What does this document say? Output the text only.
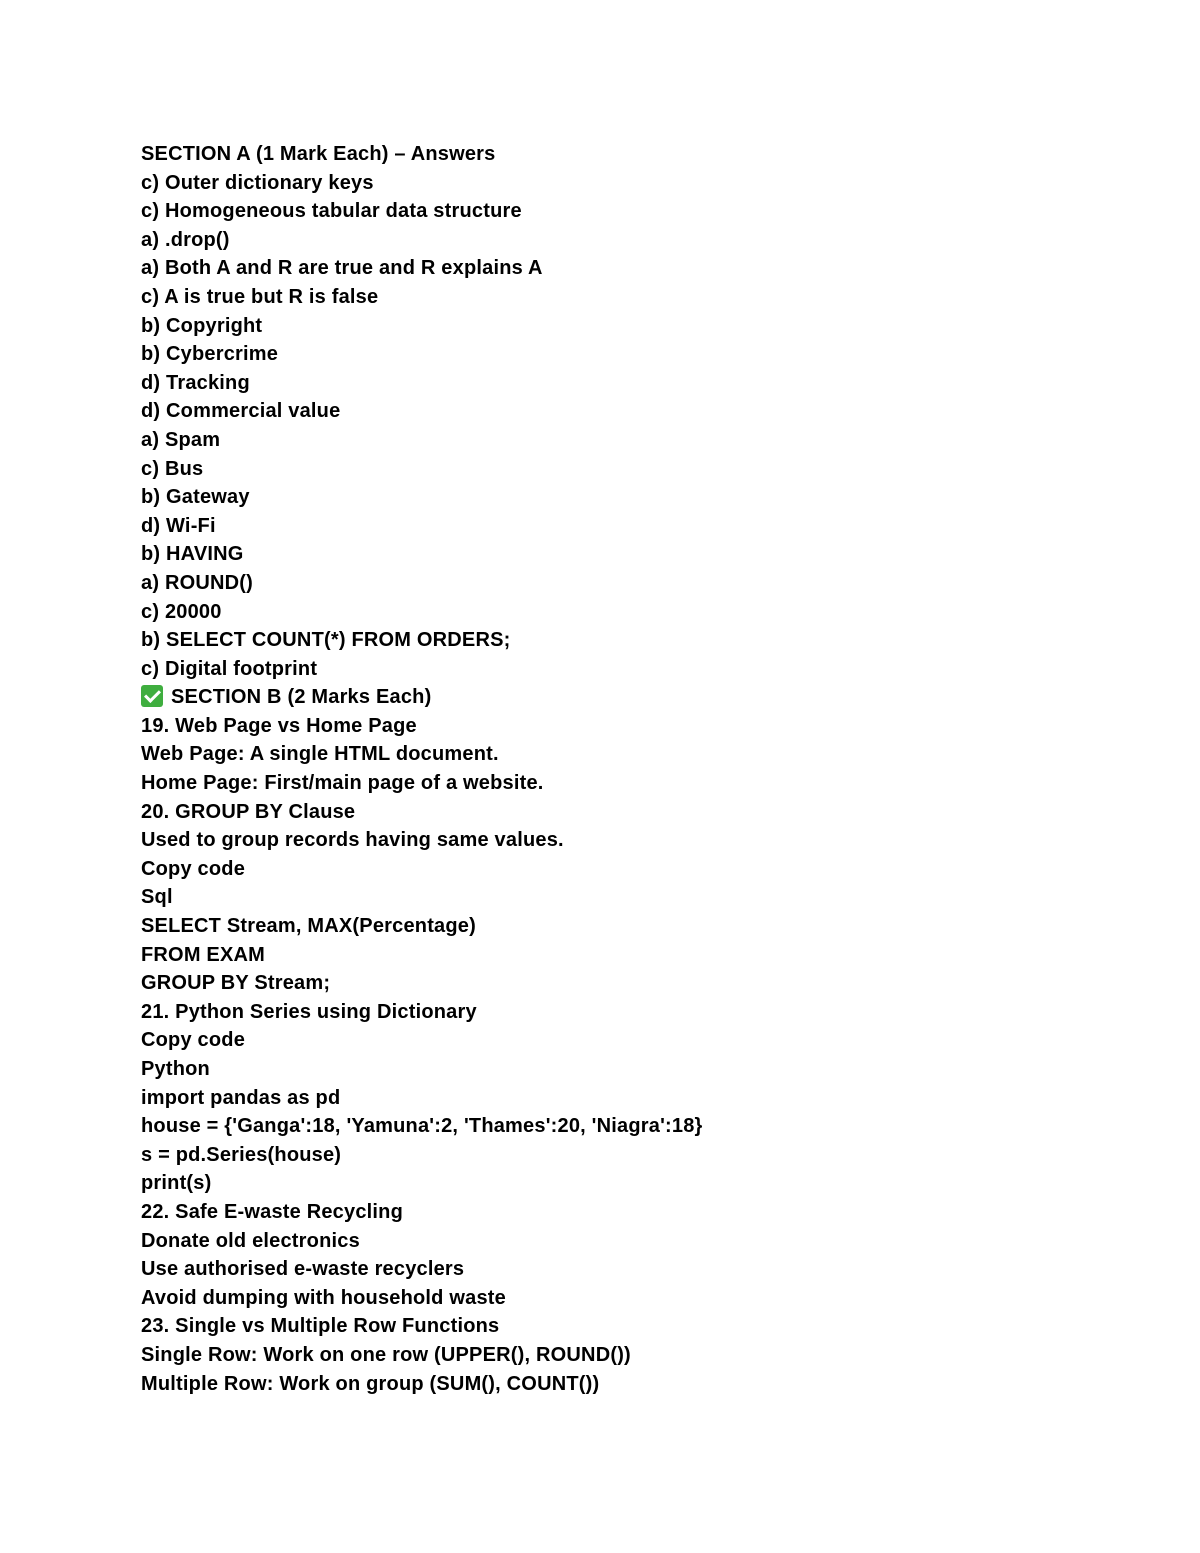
SECTION A (1 Mark Each) – Answers
c) Outer dictionary keys
c) Homogeneous tabular data structure
a) .drop()
a) Both A and R are true and R explains A
c) A is true but R is false
b) Copyright
b) Cybercrime
d) Tracking
d) Commercial value
a) Spam
c) Bus
b) Gateway
d) Wi-Fi
b) HAVING
a) ROUND()
c) 20000
b) SELECT COUNT(*) FROM ORDERS;
c) Digital footprint
SECTION B (2 Marks Each)
19. Web Page vs Home Page
Web Page: A single HTML document.
Home Page: First/main page of a website.
20. GROUP BY Clause
Used to group records having same values.
Copy code
Sql
SELECT Stream, MAX(Percentage)
FROM EXAM
GROUP BY Stream;
21. Python Series using Dictionary
Copy code
Python
import pandas as pd
house = {'Ganga':18, 'Yamuna':2, 'Thames':20, 'Niagra':18}
s = pd.Series(house)
print(s)
22. Safe E-waste Recycling
Donate old electronics
Use authorised e-waste recyclers
Avoid dumping with household waste
23. Single vs Multiple Row Functions
Single Row: Work on one row (UPPER(), ROUND())
Multiple Row: Work on group (SUM(), COUNT())
